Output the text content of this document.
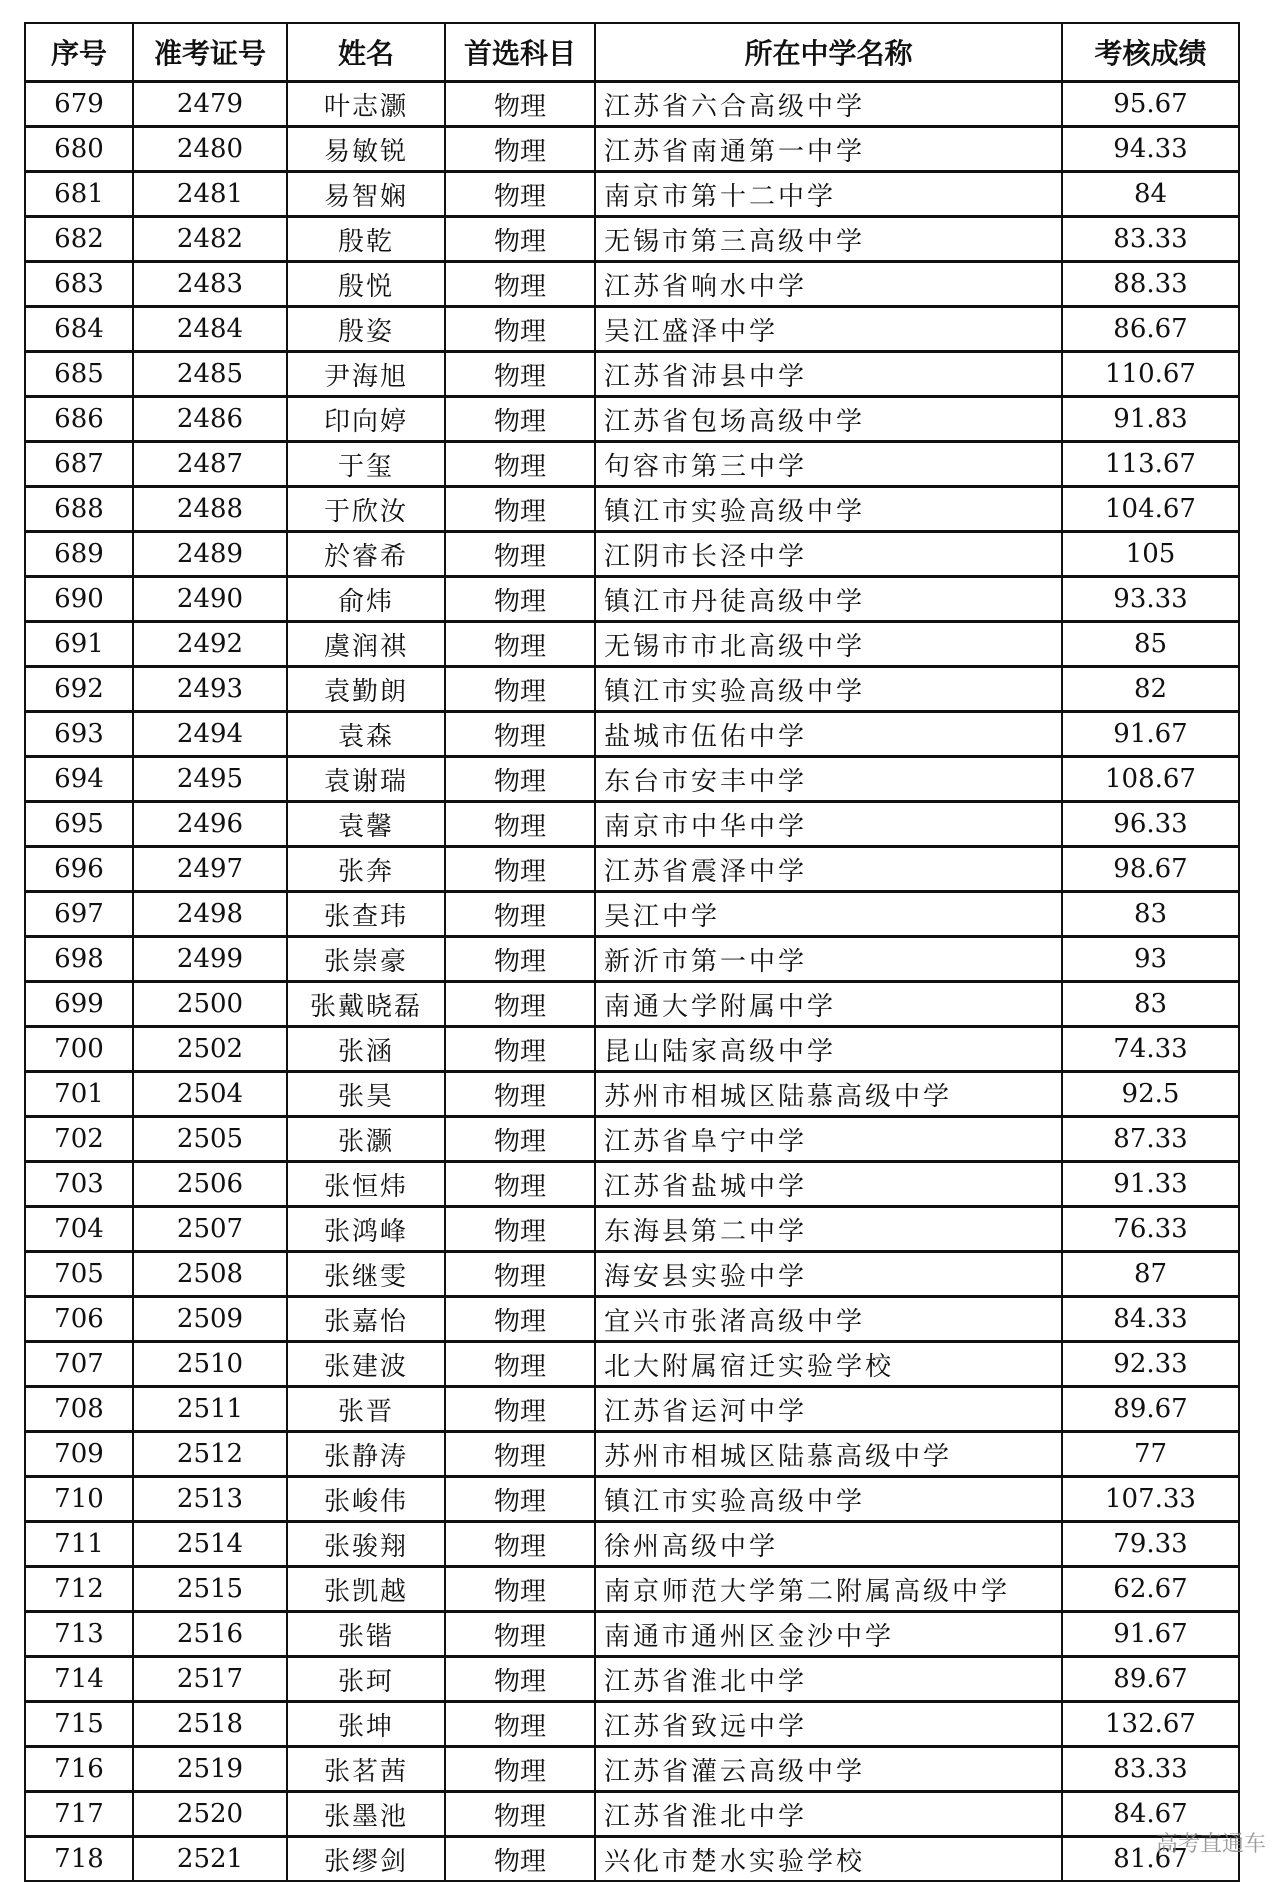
序号	准考证号	姓名	首选科目	所在中学名称	考核成绩
679	2479	叶志灏	物理	江苏省六合高级中学	95.67
680	2480	易敏锐	物理	江苏省南通第一中学	94.33
681	2481	易智娴	物理	南京市第十二中学	84
682	2482	殷乾	物理	无锡市第三高级中学	83.33
683	2483	殷悦	物理	江苏省响水中学	88.33
684	2484	殷姿	物理	吴江盛泽中学	86.67
685	2485	尹海旭	物理	江苏省沛县中学	110.67
686	2486	印向婷	物理	江苏省包场高级中学	91.83
687	2487	于玺	物理	句容市第三中学	113.67
688	2488	于欣汝	物理	镇江市实验高级中学	104.67
689	2489	於睿希	物理	江阴市长泾中学	105
690	2490	俞炜	物理	镇江市丹徒高级中学	93.33
691	2492	虞润祺	物理	无锡市市北高级中学	85
692	2493	袁勤朗	物理	镇江市实验高级中学	82
693	2494	袁森	物理	盐城市伍佑中学	91.67
694	2495	袁谢瑞	物理	东台市安丰中学	108.67
695	2496	袁馨	物理	南京市中华中学	96.33
696	2497	张奔	物理	江苏省震泽中学	98.67
697	2498	张查玮	物理	吴江中学	83
698	2499	张崇豪	物理	新沂市第一中学	93
699	2500	张戴晓磊	物理	南通大学附属中学	83
700	2502	张涵	物理	昆山陆家高级中学	74.33
701	2504	张昊	物理	苏州市相城区陆慕高级中学	92.5
702	2505	张灏	物理	江苏省阜宁中学	87.33
703	2506	张恒炜	物理	江苏省盐城中学	91.33
704	2507	张鸿峰	物理	东海县第二中学	76.33
705	2508	张继雯	物理	海安县实验中学	87
706	2509	张嘉怡	物理	宜兴市张渚高级中学	84.33
707	2510	张建波	物理	北大附属宿迁实验学校	92.33
708	2511	张晋	物理	江苏省运河中学	89.67
709	2512	张静涛	物理	苏州市相城区陆慕高级中学	77
710	2513	张峻伟	物理	镇江市实验高级中学	107.33
711	2514	张骏翔	物理	徐州高级中学	79.33
712	2515	张凯越	物理	南京师范大学第二附属高级中学	62.67
713	2516	张锴	物理	南通市通州区金沙中学	91.67
714	2517	张珂	物理	江苏省淮北中学	89.67
715	2518	张坤	物理	江苏省致远中学	132.67
716	2519	张茗茜	物理	江苏省灌云高级中学	83.33
717	2520	张墨池	物理	江苏省淮北中学	84.67
718	2521	张缪剑	物理	兴化市楚水实验学校	81.67
高考直通车
